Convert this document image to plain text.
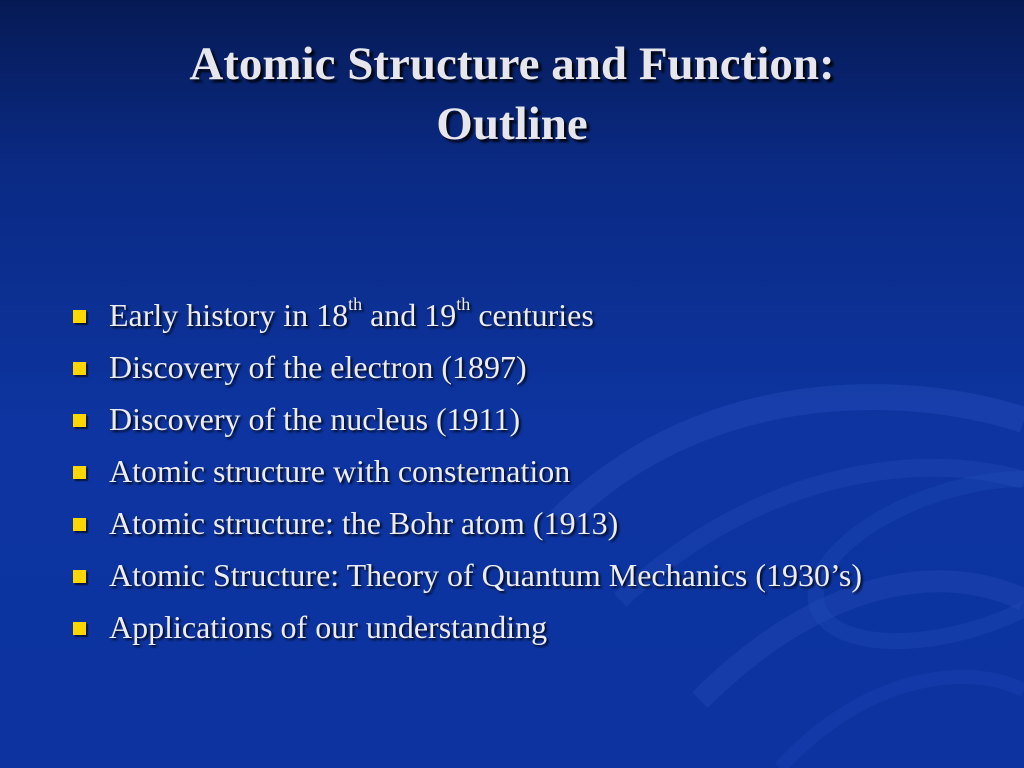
Atomic Structure and Function:
Outline
Early history in 18th and 19th centuries
Discovery of the electron (1897)
Discovery of the nucleus (1911)
Atomic structure with consternation
Atomic structure: the Bohr atom (1913)
Atomic Structure: Theory of Quantum Mechanics (1930’s)
Applications of our understanding
